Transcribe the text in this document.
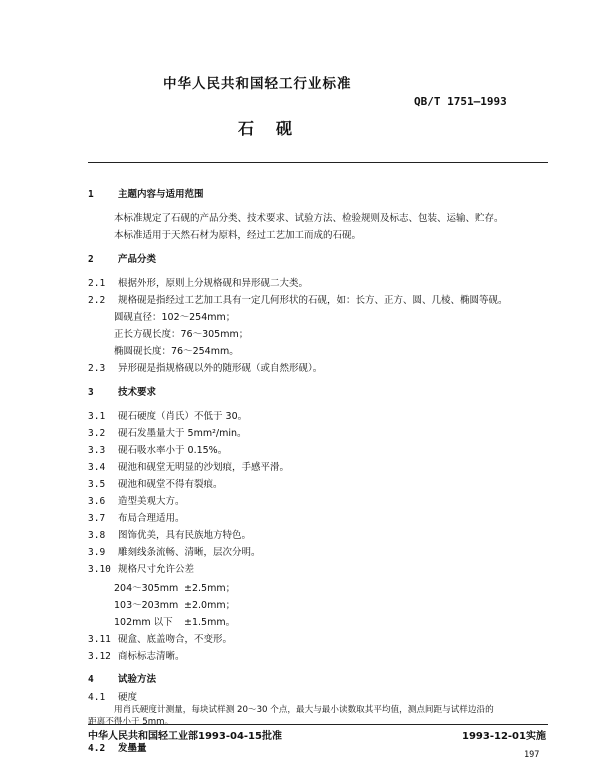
中华人民共和国轻工行业标准
QB/T 1751—1993
石砚
1	主题内容与适用范围
本标准规定了石砚的产品分类、技术要求、试验方法、检验规则及标志、包装、运输、贮存。
本标准适用于天然石材为原料，经过工艺加工而成的石砚。
2	产品分类
2.1 根据外形，原则上分规格砚和异形砚二大类。
2.2 规格砚是指经过工艺加工具有一定几何形状的石砚，如：长方、正方、圆、几棱、椭圆等砚。
圆砚直径：102～254mm；
正长方砚长度：76～305mm；
椭圆砚长度：76～254mm。
2.3 异形砚是指规格砚以外的随形砚（或自然形砚）。
3	技术要求
3.1 砚石硬度（肖氏）不低于 30。
3.2 砚石发墨量大于 5mm²/min。
3.3 砚石吸水率小于 0.15%。
3.4 砚池和砚堂无明显的沙划痕，手感平滑。
3.5 砚池和砚堂不得有裂痕。
3.6 造型美观大方。
3.7 布局合理适用。
3.8 图饰优美，具有民族地方特色。
3.9 雕刻线条流畅、清晰，层次分明。
3.10 规格尺寸允许公差
204～305mm ±2.5mm；
103～203mm ±2.0mm；
102mm 以下 ±1.5mm。
3.11 砚盒、底盖吻合，不变形。
3.12 商标标志清晰。
4	试验方法
4.1 硬度
用肖氏硬度计测量，每块试样测 20～30 个点，最大与最小读数取其平均值，测点间距与试样边沿的
距离不得小于 5mm。
中华人民共和国轻工业部1993-04-15批准	1993-12-01实施
197
4.2 发墨量
